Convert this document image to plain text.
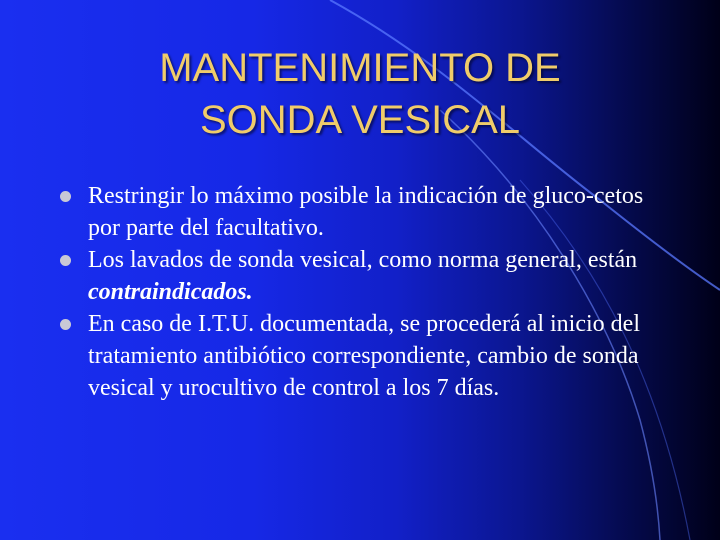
MANTENIMIENTO DE
SONDA VESICAL
Restringir lo máximo posible la indicación de gluco-cetos por parte del facultativo.
Los lavados de sonda vesical, como norma general, están contraindicados.
En caso de I.T.U. documentada, se procederá al inicio del tratamiento antibiótico correspondiente, cambio de sonda vesical y urocultivo de control a los 7 días.
